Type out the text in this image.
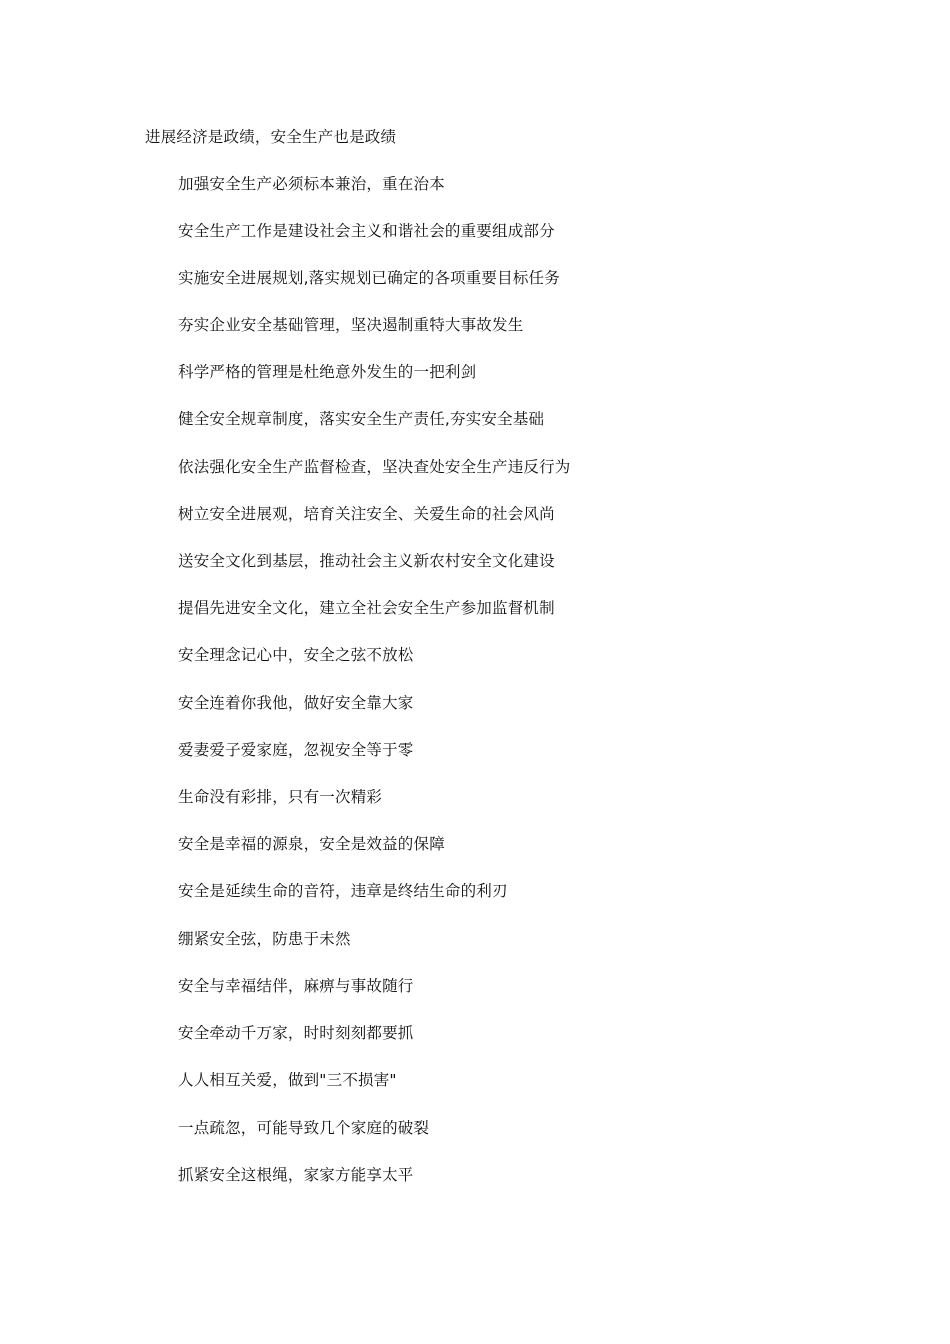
进展经济是政绩，安全生产也是政绩
加强安全生产必须标本兼治，重在治本
安全生产工作是建设社会主义和谐社会的重要组成部分
实施安全进展规划,落实规划已确定的各项重要目标任务
夯实企业安全基础管理，坚决遏制重特大事故发生
科学严格的管理是杜绝意外发生的一把利剑
健全安全规章制度，落实安全生产责任,夯实安全基础
依法强化安全生产监督检查，坚决查处安全生产违反行为
树立安全进展观，培育关注安全、关爱生命的社会风尚
送安全文化到基层，推动社会主义新农村安全文化建设
提倡先进安全文化，建立全社会安全生产参加监督机制
安全理念记心中，安全之弦不放松
安全连着你我他，做好安全靠大家
爱妻爱子爱家庭，忽视安全等于零
生命没有彩排，只有一次精彩
安全是幸福的源泉，安全是效益的保障
安全是延续生命的音符，违章是终结生命的利刃
绷紧安全弦，防患于未然
安全与幸福结伴，麻痹与事故随行
安全牵动千万家，时时刻刻都要抓
人人相互关爱，做到"三不损害"
一点疏忽，可能导致几个家庭的破裂
抓紧安全这根绳，家家方能享太平
